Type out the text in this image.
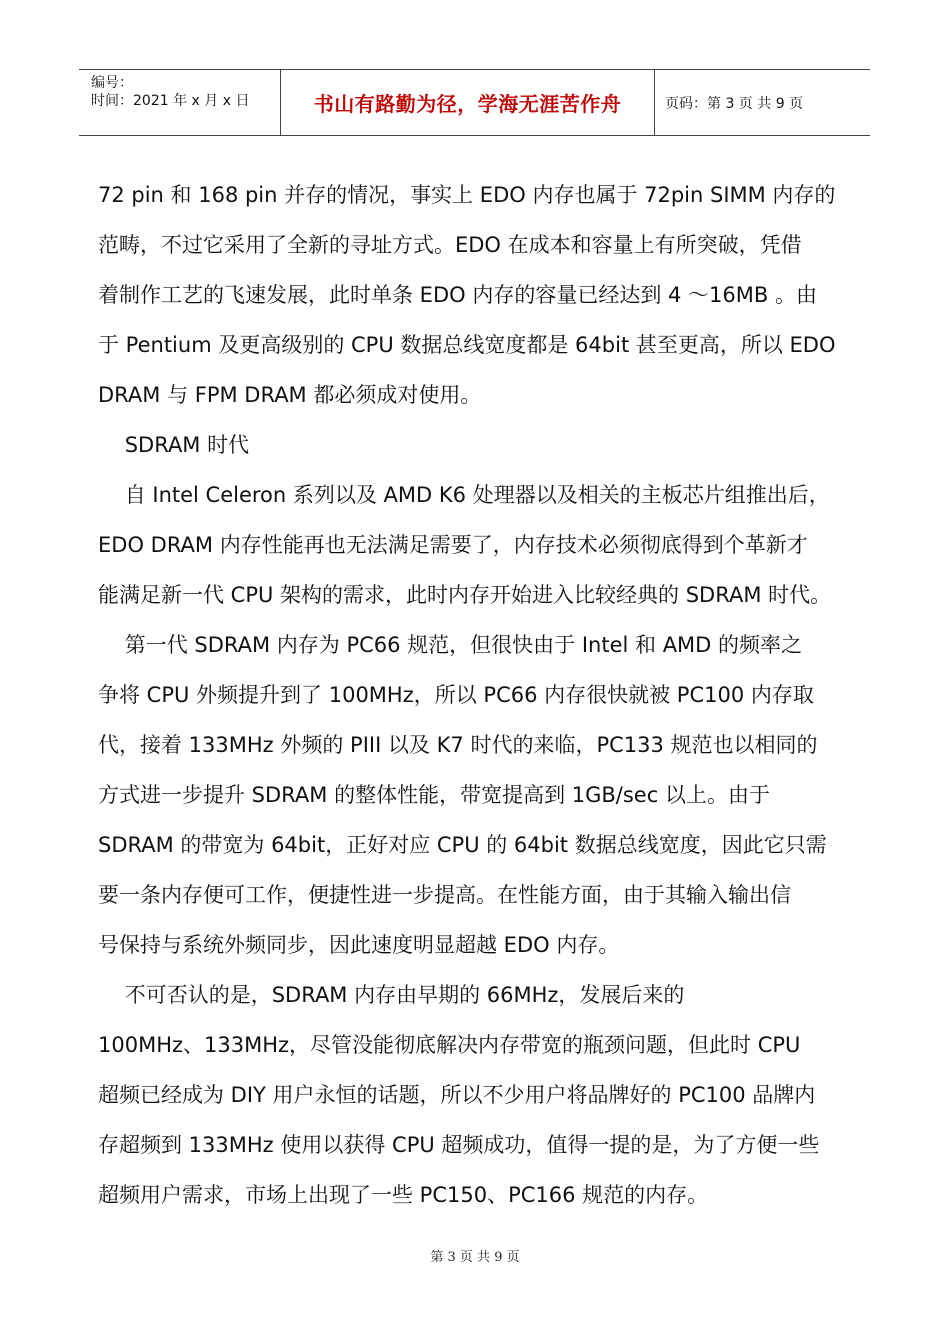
编号：
时间：2021 年 x 月 x 日	书山有路勤为径，学海无涯苦作舟	页码：第 3 页 共 9 页

72 pin 和 168 pin 并存的情况，事实上 EDO 内存也属于 72pin SIMM 内存的

范畴，不过它采用了全新的寻址方式。EDO 在成本和容量上有所突破，凭借

着制作工艺的飞速发展，此时单条 EDO 内存的容量已经达到 4 ～16MB 。由

于 Pentium 及更高级别的 CPU 数据总线宽度都是 64bit 甚至更高，所以 EDO

DRAM 与 FPM DRAM 都必须成对使用。

SDRAM 时代

自 Intel Celeron 系列以及 AMD K6 处理器以及相关的主板芯片组推出后，

EDO DRAM 内存性能再也无法满足需要了，内存技术必须彻底得到个革新才

能满足新一代 CPU 架构的需求，此时内存开始进入比较经典的 SDRAM 时代。

第一代 SDRAM 内存为 PC66 规范，但很快由于 Intel 和 AMD 的频率之

争将 CPU 外频提升到了 100MHz，所以 PC66 内存很快就被 PC100 内存取

代，接着 133MHz 外频的 PIII 以及 K7 时代的来临，PC133 规范也以相同的

方式进一步提升 SDRAM 的整体性能，带宽提高到 1GB/sec 以上。由于

SDRAM 的带宽为 64bit，正好对应 CPU 的 64bit 数据总线宽度，因此它只需

要一条内存便可工作，便捷性进一步提高。在性能方面，由于其输入输出信

号保持与系统外频同步，因此速度明显超越 EDO 内存。

不可否认的是，SDRAM 内存由早期的 66MHz，发展后来的

100MHz、133MHz，尽管没能彻底解决内存带宽的瓶颈问题，但此时 CPU

超频已经成为 DIY 用户永恒的话题，所以不少用户将品牌好的 PC100 品牌内

存超频到 133MHz 使用以获得 CPU 超频成功，值得一提的是，为了方便一些

超频用户需求，市场上出现了一些 PC150、PC166 规范的内存。

第 3 页 共 9 页
